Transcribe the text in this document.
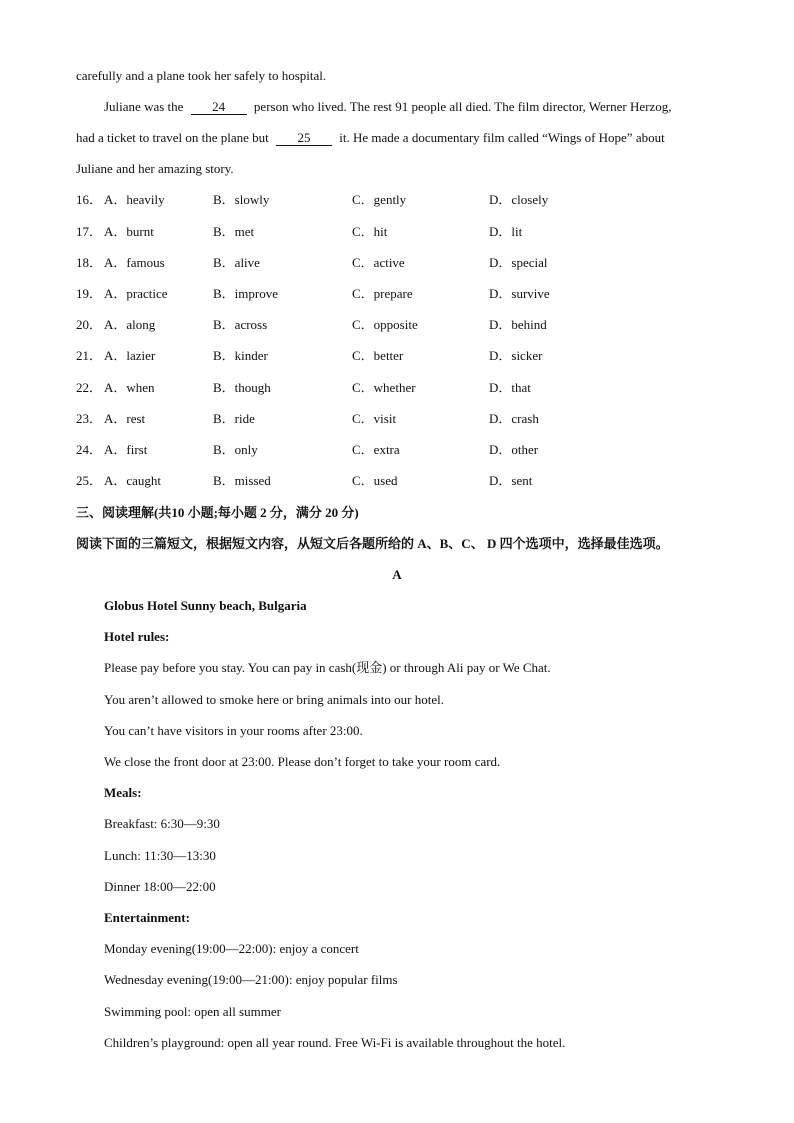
carefully and a plane took her safely to hospital.
Juliane was the 24 person who lived. The rest 91 people all died. The film director, Werner Herzog,
had a ticket to travel on the plane but 25 it. He made a documentary film called “Wings of Hope” about
Juliane and her amazing story.
16． A．heavily	B．slowly	C．gently	D．closely
17． A．burnt	B．met	C．hit	D．lit
18． A．famous	B．alive	C．active	D．special
19． A．practice	B．improve	C．prepare	D．survive
20． A．along	B．across	C．opposite	D．behind
21． A．lazier	B．kinder	C．better	D．sicker
22． A．when	B．though	C．whether	D．that
23． A．rest	B．ride	C．visit	D．crash
24． A．first	B．only	C．extra	D．other
25． A．caught	B．missed	C．used	D．sent
三、阅读理解(共10 小题;每小题 2 分，满分 20 分)
阅读下面的三篇短文，根据短文内容，从短文后各题所给的 A、B、C、 D 四个选项中，选择最佳选项。
A
Globus Hotel Sunny beach, Bulgaria
Hotel rules:
Please pay before you stay. You can pay in cash(现金) or through Ali pay or We Chat.
You aren’t allowed to smoke here or bring animals into our hotel.
You can’t have visitors in your rooms after 23:00.
We close the front door at 23:00. Please don’t forget to take your room card.
Meals:
Breakfast: 6:30—9:30
Lunch: 11:30—13:30
Dinner 18:00—22:00
Entertainment:
Monday evening(19:00—22:00): enjoy a concert
Wednesday evening(19:00—21:00): enjoy popular films
Swimming pool: open all summer
Children’s playground: open all year round. Free Wi-Fi is available throughout the hotel.
